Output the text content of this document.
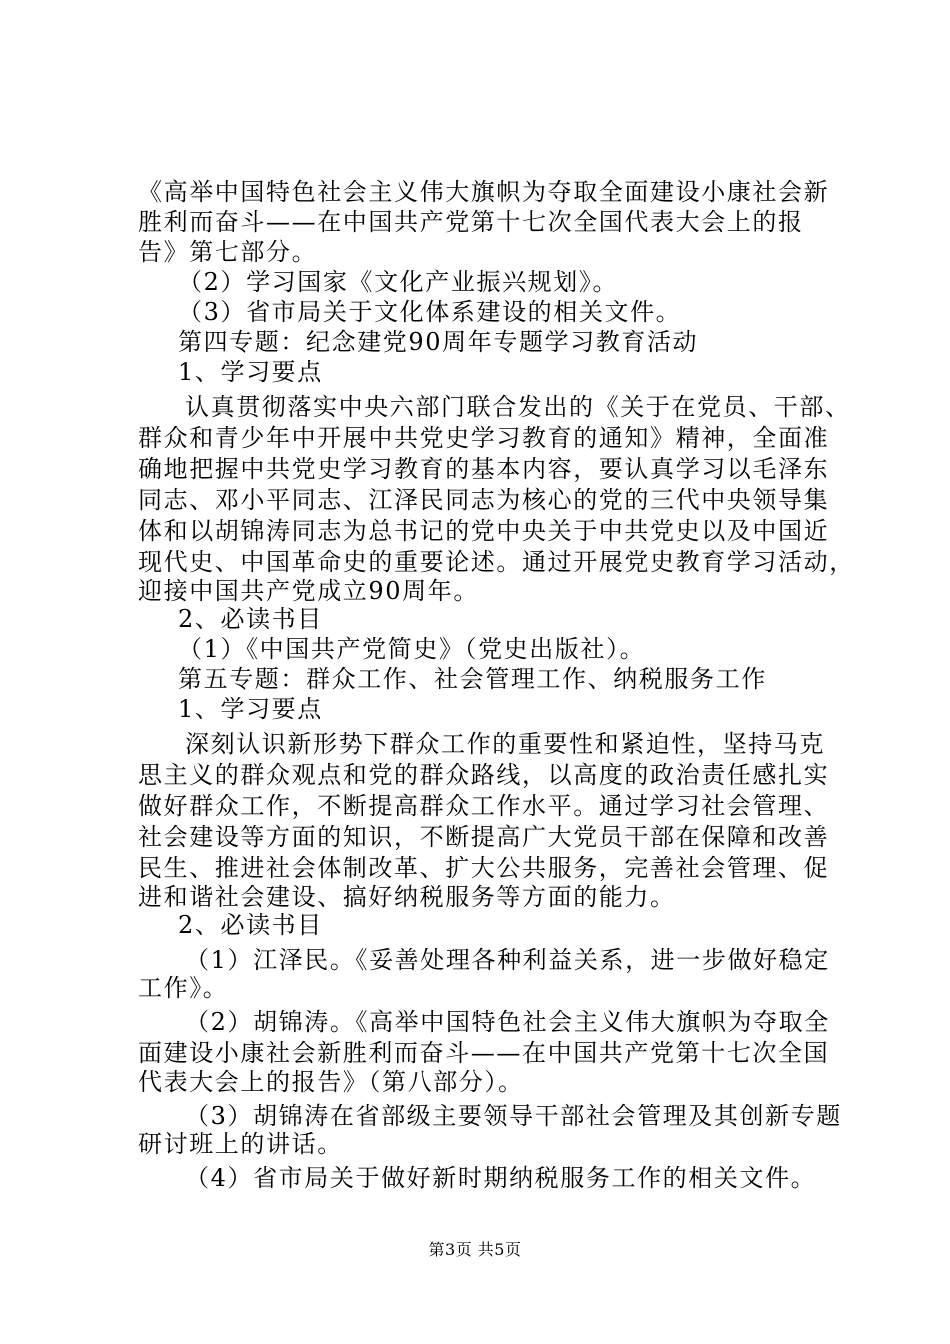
《高举中国特色社会主义伟大旗帜为夺取全面建设小康社会新
胜利而奋斗——在中国共产党第十七次全国代表大会上的报
告》第七部分。
（2）学习国家《文化产业振兴规划》。
（3）省市局关于文化体系建设的相关文件。
第四专题：纪念建党90周年专题学习教育活动
1、学习要点
认真贯彻落实中央六部门联合发出的《关于在党员、干部、
群众和青少年中开展中共党史学习教育的通知》精神，全面准
确地把握中共党史学习教育的基本内容，要认真学习以毛泽东
同志、邓小平同志、江泽民同志为核心的党的三代中央领导集
体和以胡锦涛同志为总书记的党中央关于中共党史以及中国近
现代史、中国革命史的重要论述。通过开展党史教育学习活动，
迎接中国共产党成立90周年。
2、必读书目
（1）《中国共产党简史》（党史出版社）。
第五专题：群众工作、社会管理工作、纳税服务工作
1、学习要点
深刻认识新形势下群众工作的重要性和紧迫性，坚持马克
思主义的群众观点和党的群众路线，以高度的政治责任感扎实
做好群众工作，不断提高群众工作水平。通过学习社会管理、
社会建设等方面的知识，不断提高广大党员干部在保障和改善
民生、推进社会体制改革、扩大公共服务，完善社会管理、促
进和谐社会建设、搞好纳税服务等方面的能力。
2、必读书目
（1）江泽民。《妥善处理各种利益关系，进一步做好稳定
工作》。
（2）胡锦涛。《高举中国特色社会主义伟大旗帜为夺取全
面建设小康社会新胜利而奋斗——在中国共产党第十七次全国
代表大会上的报告》（第八部分）。
（3）胡锦涛在省部级主要领导干部社会管理及其创新专题
研讨班上的讲话。
（4）省市局关于做好新时期纳税服务工作的相关文件。
第3页 共5页
